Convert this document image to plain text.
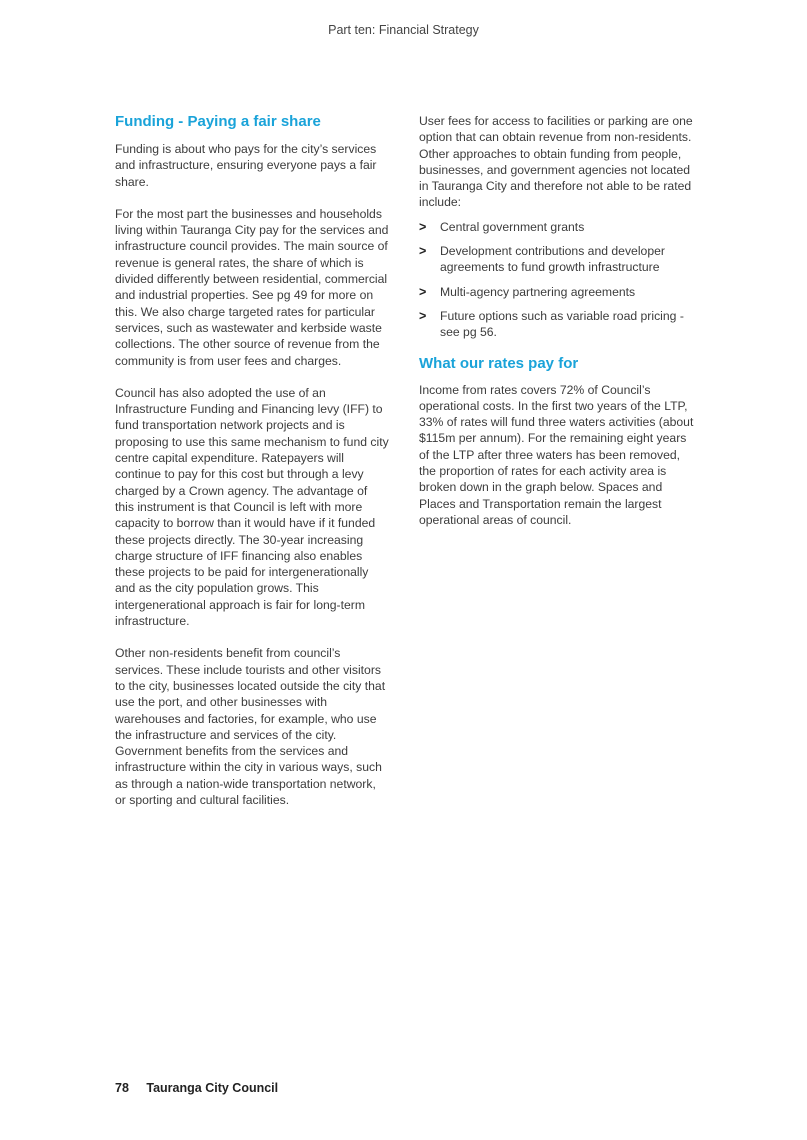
Part ten: Financial Strategy
Funding - Paying a fair share

Funding is about who pays for the city’s services and infrastructure, ensuring everyone pays a fair share.

For the most part the businesses and households living within Tauranga City pay for the services and infrastructure council provides. The main source of revenue is general rates, the share of which is divided differently between residential, commercial and industrial properties. See pg 49 for more on this. We also charge targeted rates for particular services, such as wastewater and kerbside waste collections. The other source of revenue from the community is from user fees and charges.

Council has also adopted the use of an Infrastructure Funding and Financing levy (IFF) to fund transportation network projects and is proposing to use this same mechanism to fund city centre capital expenditure. Ratepayers will continue to pay for this cost but through a levy charged by a Crown agency. The advantage of this instrument is that Council is left with more capacity to borrow than it would have if it funded these projects directly. The 30-year increasing charge structure of IFF financing also enables these projects to be paid for intergenerationally and as the city population grows. This intergenerational approach is fair for long-term infrastructure.

Other non-residents benefit from council’s services. These include tourists and other visitors to the city, businesses located outside the city that use the port, and other businesses with warehouses and factories, for example, who use the infrastructure and services of the city. Government benefits from the services and infrastructure within the city in various ways, such as through a nation-wide transportation network, or sporting and cultural facilities.

User fees for access to facilities or parking are one option that can obtain revenue from non-residents. Other approaches to obtain funding from people, businesses, and government agencies not located in Tauranga City and therefore not able to be rated include:

> Central government grants
> Development contributions and developer agreements to fund growth infrastructure
> Multi-agency partnering agreements
> Future options such as variable road pricing - see pg 56.
What our rates pay for

Income from rates covers 72% of Council’s operational costs. In the first two years of the LTP, 33% of rates will fund three waters activities (about $115m per annum). For the remaining eight years of the LTP after three waters has been removed, the proportion of rates for each activity area is broken down in the graph below. Spaces and Places and Transportation remain the largest operational areas of council.

78 Tauranga City Council
